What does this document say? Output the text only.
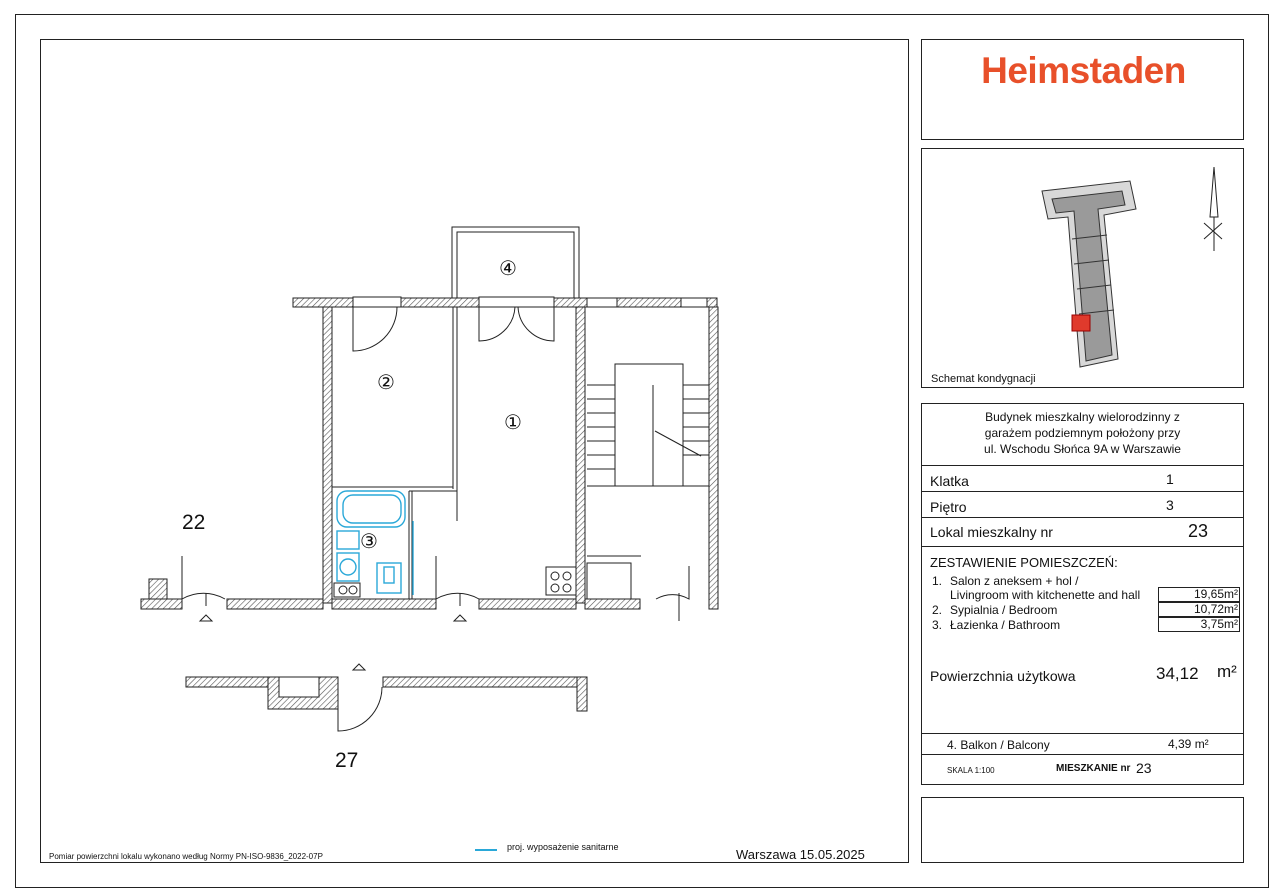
④
②
①
③
22
27
proj. wyposażenie sanitarne
Pomiar powierzchni lokalu wykonano według Normy PN-ISO-9836_2022-07P	Warszawa 15.05.2025
Heimstaden
Schemat kondygnacji
Budynek mieszkalny wielorodzinny z
garażem podziemnym położony przy
ul. Wschodu Słońca 9A w Warszawie
Klatka	1
Piętro	3
Lokal mieszkalny nr	23
ZESTAWIENIE POMIESZCZEŃ:
1. Salon z aneksem + hol /
Livingroom with kitchenette and hall	19,65m²
2. Sypialnia / Bedroom	10,72m²
3. Łazienka / Bathroom	3,75m²
Powierzchnia użytkowa	34,12 m²
4. Balkon / Balcony	4,39 m²
SKALA 1:100	MIESZKANIE nr 23
